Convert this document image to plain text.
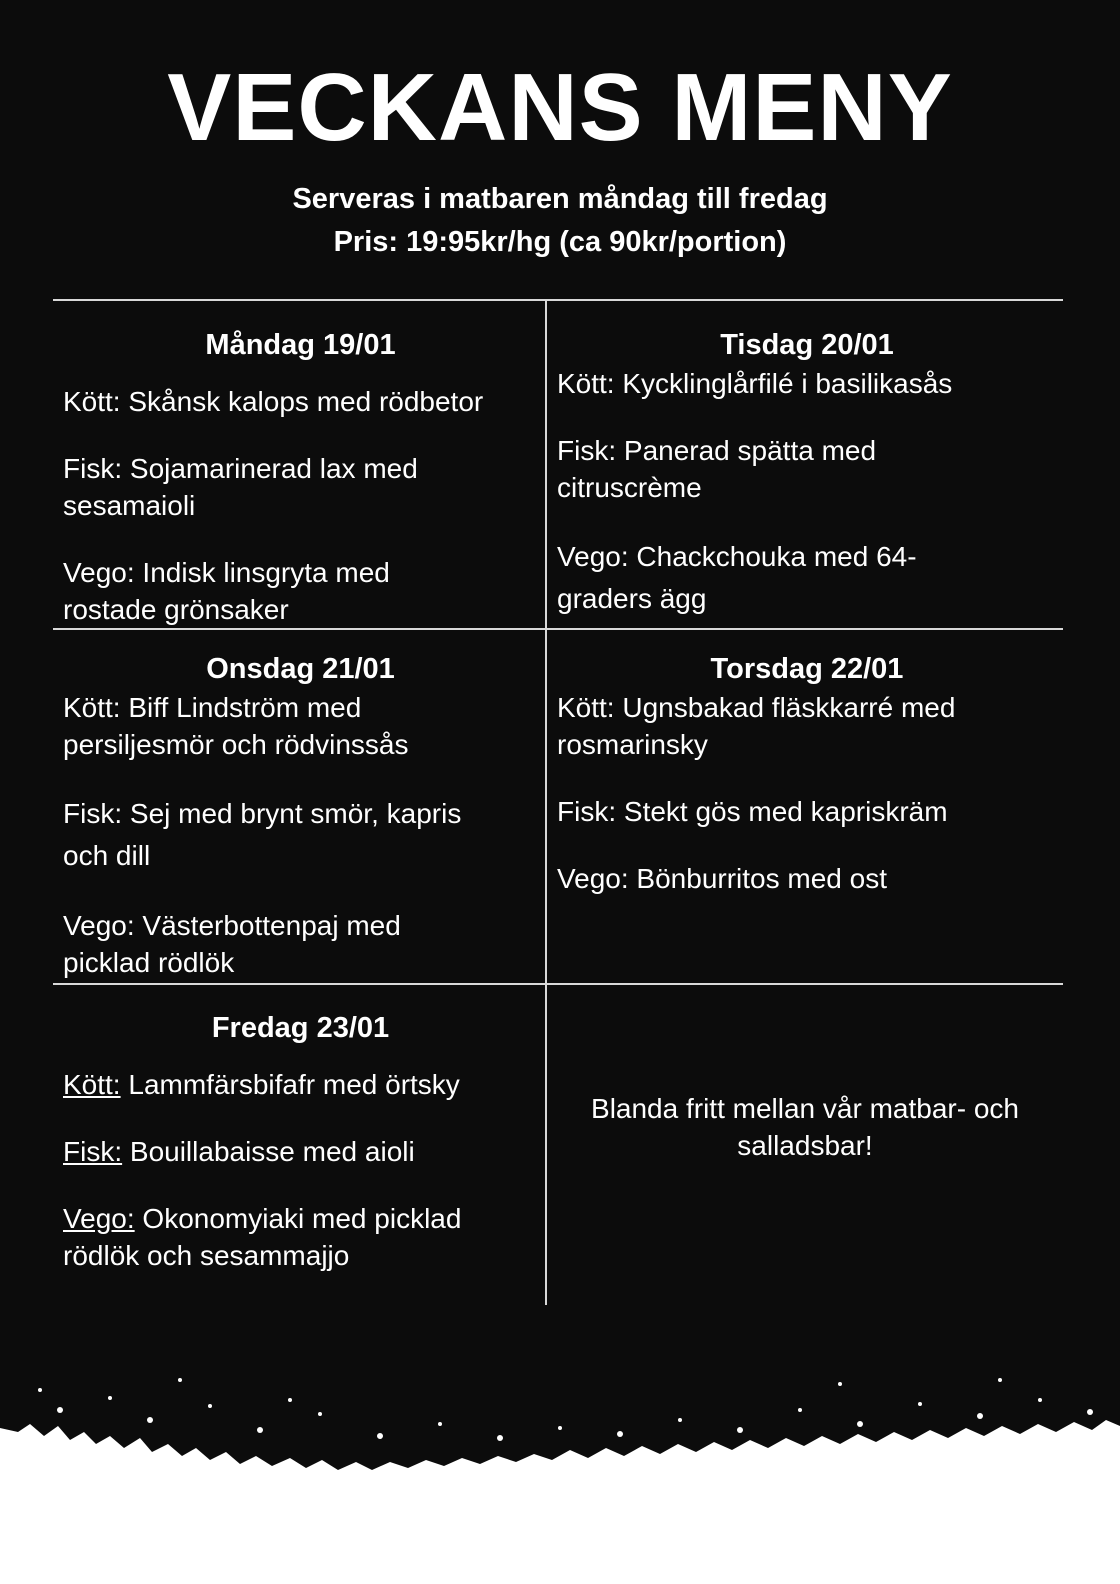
VECKANS MENY
Serveras i matbaren måndag till fredag
Pris: 19:95kr/hg (ca 90kr/portion)
Måndag 19/01
Kött: Skånsk kalops med rödbetor
Fisk: Sojamarinerad lax med sesamaioli
Vego: Indisk linsgryta med rostade grönsaker
Tisdag 20/01
Kött: Kycklinglårfilé i basilikasås
Fisk: Panerad spätta med citruscrème
Vego: Chackchouka med 64-graders ägg
Onsdag 21/01
Kött: Biff Lindström med persiljesmör och rödvinssås
Fisk: Sej med brynt smör, kapris och dill
Vego: Västerbottenpaj med picklad rödlök
Torsdag 22/01
Kött: Ugnsbakad fläskkarré med rosmarinsky
Fisk: Stekt gös med kapriskräm
Vego: Bönburritos med ost
Fredag 23/01
Kött: Lammfärsbifafr med örtsky
Fisk: Bouillabaisse med aioli
Vego: Okonomyiaki med picklad rödlök och sesammajjo
Blanda fritt mellan vår matbar- och salladsbar!
